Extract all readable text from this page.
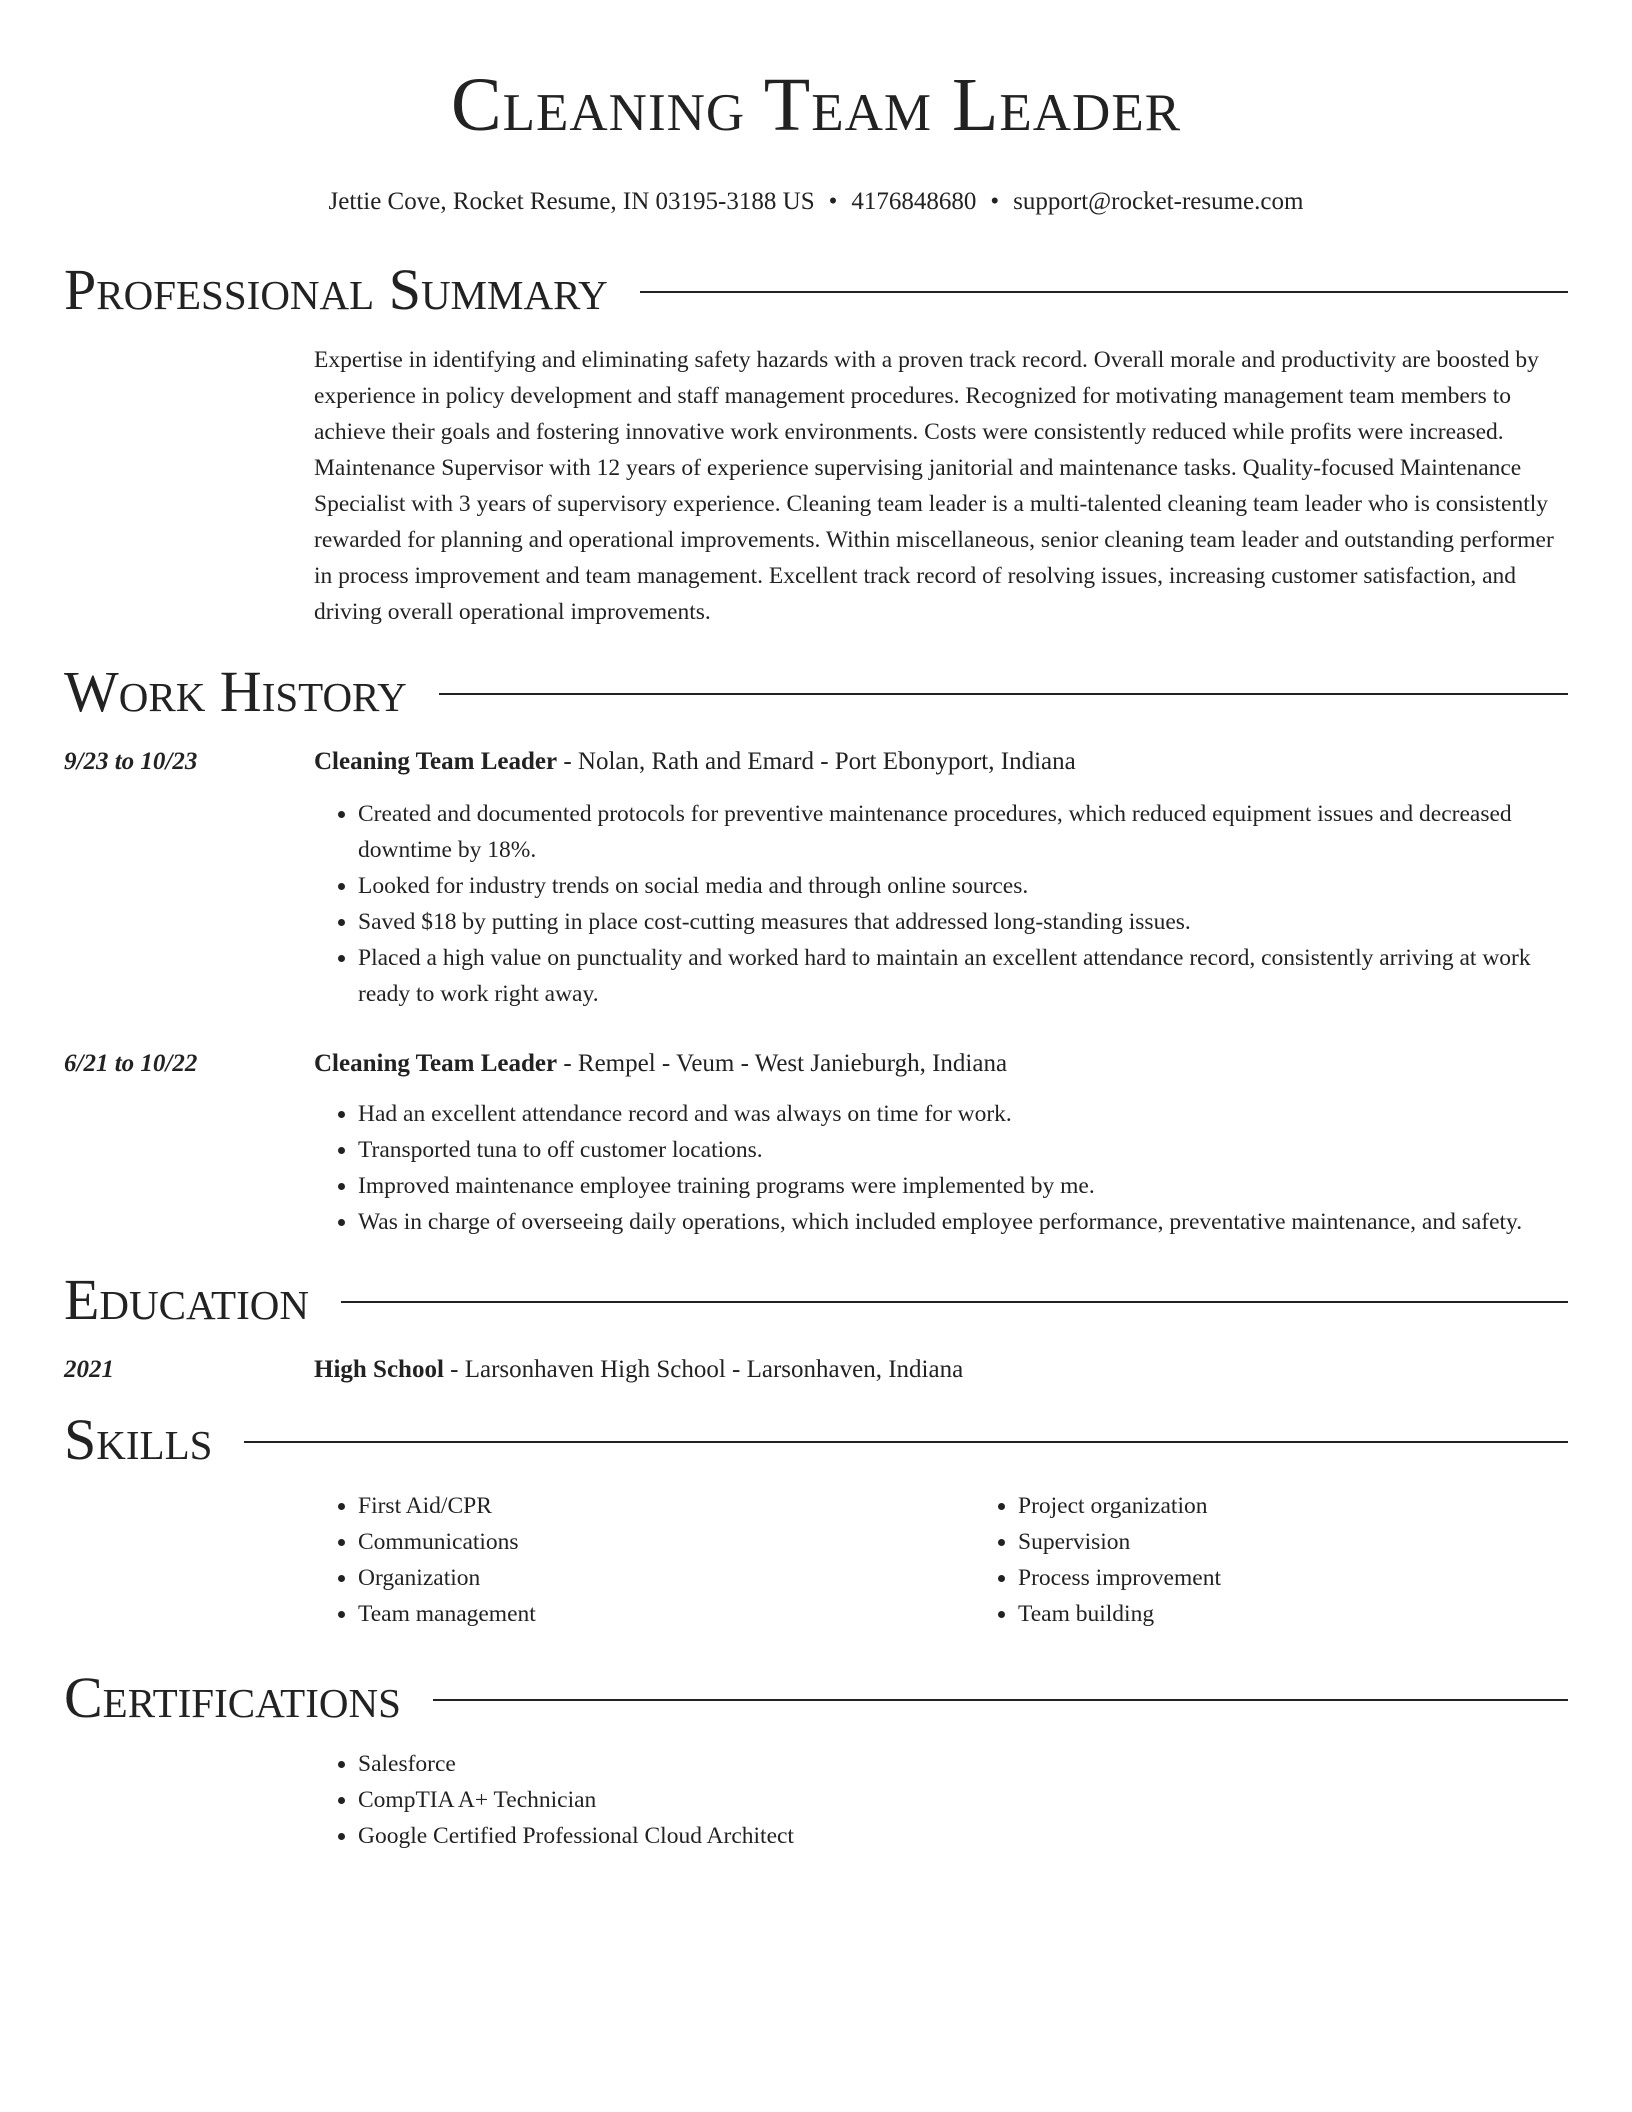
Cleaning Team Leader
Jettie Cove, Rocket Resume, IN 03195-3188 US • 4176848680 • support@rocket-resume.com
Professional Summary
Expertise in identifying and eliminating safety hazards with a proven track record. Overall morale and productivity are boosted by experience in policy development and staff management procedures. Recognized for motivating management team members to achieve their goals and fostering innovative work environments. Costs were consistently reduced while profits were increased. Maintenance Supervisor with 12 years of experience supervising janitorial and maintenance tasks. Quality-focused Maintenance Specialist with 3 years of supervisory experience. Cleaning team leader is a multi-talented cleaning team leader who is consistently rewarded for planning and operational improvements. Within miscellaneous, senior cleaning team leader and outstanding performer in process improvement and team management. Excellent track record of resolving issues, increasing customer satisfaction, and driving overall operational improvements.
Work History
9/23 to 10/23	Cleaning Team Leader - Nolan, Rath and Emard - Port Ebonyport, Indiana
• Created and documented protocols for preventive maintenance procedures, which reduced equipment issues and decreased downtime by 18%.
• Looked for industry trends on social media and through online sources.
• Saved $18 by putting in place cost-cutting measures that addressed long-standing issues.
• Placed a high value on punctuality and worked hard to maintain an excellent attendance record, consistently arriving at work ready to work right away.
6/21 to 10/22	Cleaning Team Leader - Rempel - Veum - West Janieburgh, Indiana
• Had an excellent attendance record and was always on time for work.
• Transported tuna to off customer locations.
• Improved maintenance employee training programs were implemented by me.
• Was in charge of overseeing daily operations, which included employee performance, preventative maintenance, and safety.
Education
2021	High School - Larsonhaven High School - Larsonhaven, Indiana
Skills
• First Aid/CPR
• Communications
• Organization
• Team management
• Project organization
• Supervision
• Process improvement
• Team building
Certifications
• Salesforce
• CompTIA A+ Technician
• Google Certified Professional Cloud Architect
